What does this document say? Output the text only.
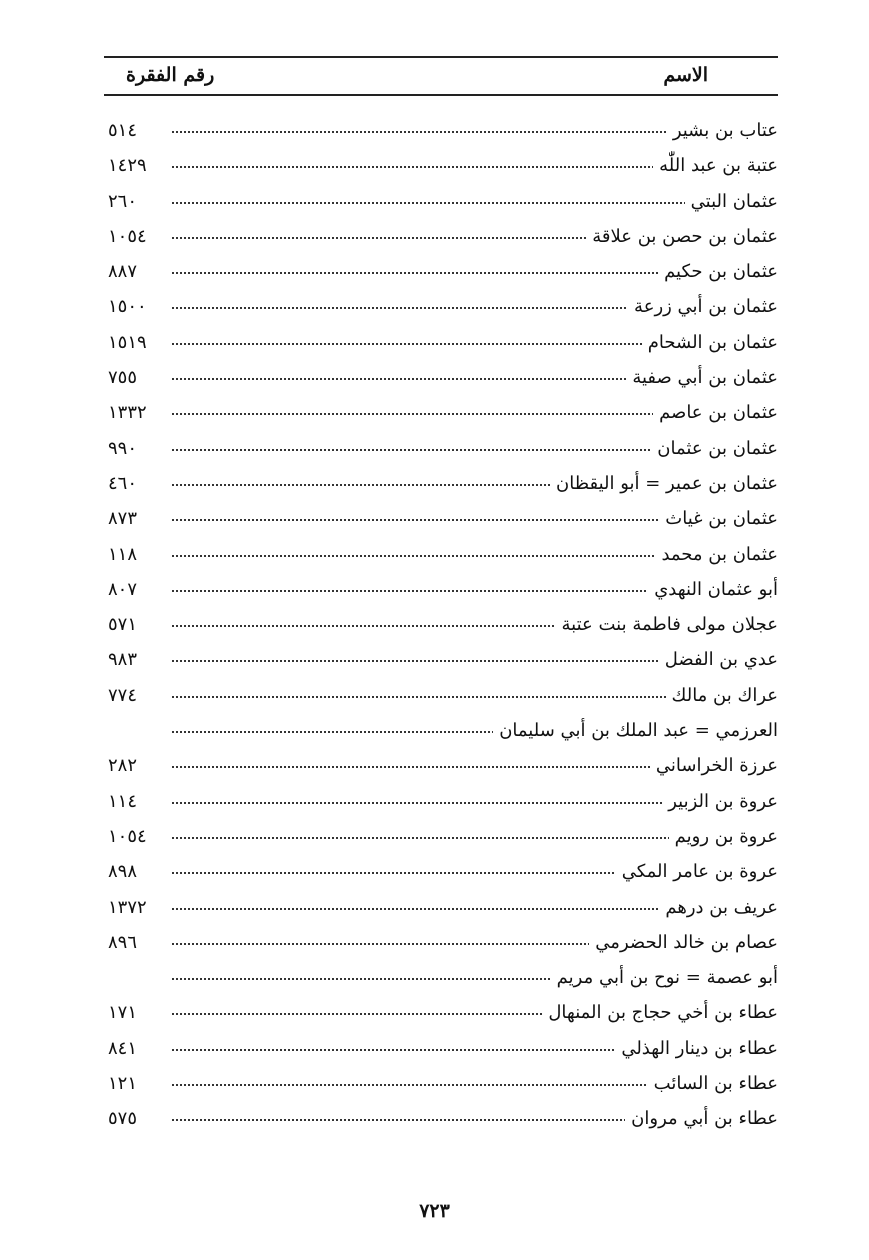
الاسم
رقم الفقرة
عتاب بن بشير
٥١٤
عتبة بن عبد اللّٰه
١٤٢٩
عثمان البتي
٢٦٠
عثمان بن حصن بن علاقة
١٠٥٤
عثمان بن حكيم
٨٨٧
عثمان بن أبي زرعة
١٥٠٠
عثمان بن الشحام
١٥١٩
عثمان بن أبي صفية
٧٥٥
عثمان بن عاصم
١٣٣٢
عثمان بن عثمان
٩٩٠
عثمان بن عمير = أبو اليقظان
٤٦٠
عثمان بن غياث
٨٧٣
عثمان بن محمد
١١٨
أبو عثمان النهدي
٨٠٧
عجلان مولى فاطمة بنت عتبة
٥٧١
عدي بن الفضل
٩٨٣
عراك بن مالك
٧٧٤
العرزمي = عبد الملك بن أبي سليمان
عرزة الخراساني
٢٨٢
عروة بن الزبير
١١٤
عروة بن رويم
١٠٥٤
عروة بن عامر المكي
٨٩٨
عريف بن درهم
١٣٧٢
عصام بن خالد الحضرمي
٨٩٦
أبو عصمة = نوح بن أبي مريم
عطاء بن أخي حجاج بن المنهال
١٧١
عطاء بن دينار الهذلي
٨٤١
عطاء بن السائب
١٢١
عطاء بن أبي مروان
٥٧٥
٧٢٣
